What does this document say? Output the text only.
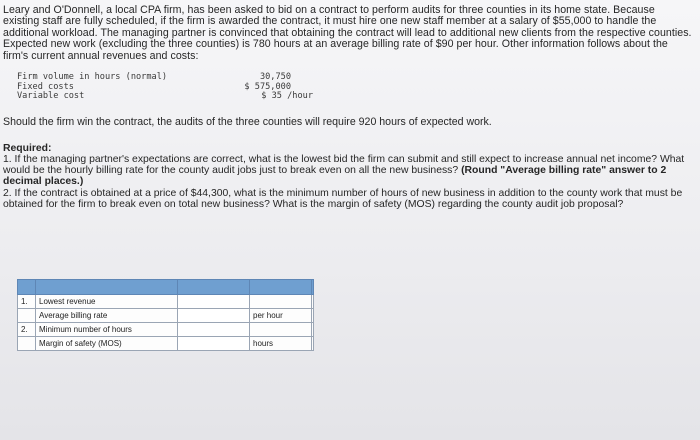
Leary and O'Donnell, a local CPA firm, has been asked to bid on a contract to perform audits for three counties in its home state. Because existing staff are fully scheduled, if the firm is awarded the contract, it must hire one new staff member at a salary of $55,000 to handle the additional workload. The managing partner is convinced that obtaining the contract will lead to additional new clients from the respective counties. Expected new work (excluding the three counties) is 780 hours at an average billing rate of $90 per hour. Other information follows about the firm's current annual revenues and costs:

Firm volume in hours (normal)	30,750
Fixed costs	$ 575,000
Variable cost	$ 35 /hour

Should the firm win the contract, the audits of the three counties will require 920 hours of expected work.

Required:

1. If the managing partner's expectations are correct, what is the lowest bid the firm can submit and still expect to increase annual net income? What would be the hourly billing rate for the county audit jobs just to break even on all the new business? (Round "Average billing rate" answer to 2 decimal places.)

2. If the contract is obtained at a price of $44,300, what is the minimum number of hours of new business in addition to the county work that must be obtained for the firm to break even on total new business? What is the margin of safety (MOS) regarding the county audit job proposal?

1.	Lowest revenue			
	Average billing rate		per hour	
2.	Minimum number of hours			
	Margin of safety (MOS)		hours	
